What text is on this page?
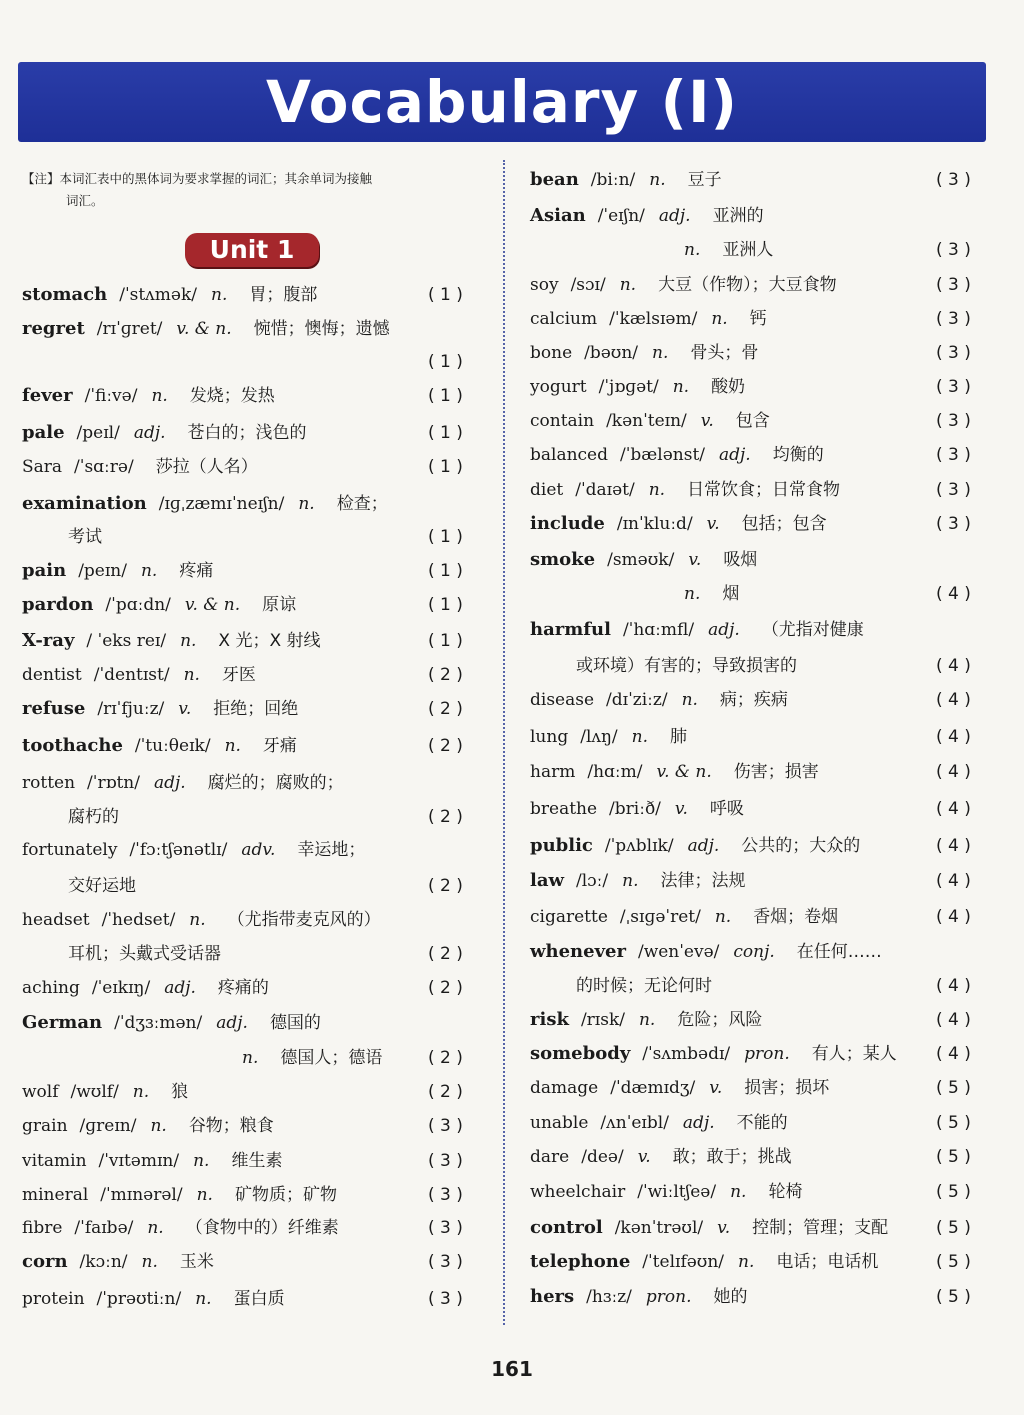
Vocabulary (Ⅰ)
【注】本词汇表中的黑体词为要求掌握的词汇；其余单词为接触
词汇。
Unit 1
stomach /ˈstʌmək/ n. 胃；腹部	( 1 )
regret /rɪˈɡret/ v. & n. 惋惜；懊悔；遗憾
( 1 )
fever /ˈfiːvə/ n. 发烧；发热	( 1 )
pale /peɪl/ adj. 苍白的；浅色的	( 1 )
Sara /ˈsɑːrə/ 莎拉（人名）	( 1 )
examination /ɪɡˌzæmɪˈneɪʃn/ n. 检查；
考试	( 1 )
pain /peɪn/ n. 疼痛	( 1 )
pardon /ˈpɑːdn/ v. & n. 原谅	( 1 )
X-ray / ˈeks reɪ/ n. X 光；X 射线	( 1 )
dentist /ˈdentɪst/ n. 牙医	( 2 )
refuse /rɪˈfjuːz/ v. 拒绝；回绝	( 2 )
toothache /ˈtuːθeɪk/ n. 牙痛	( 2 )
rotten /ˈrɒtn/ adj. 腐烂的；腐败的；
腐朽的	( 2 )
fortunately /ˈfɔːtʃənətlɪ/ adv. 幸运地；
交好运地	( 2 )
headset /ˈhedset/ n. （尤指带麦克风的）
耳机；头戴式受话器	( 2 )
aching /ˈeɪkɪŋ/ adj. 疼痛的	( 2 )
German /ˈdʒɜːmən/ adj. 德国的
n. 德国人；德语	( 2 )
wolf /wʊlf/ n. 狼	( 2 )
grain /ɡreɪn/ n. 谷物；粮食	( 3 )
vitamin /ˈvɪtəmɪn/ n. 维生素	( 3 )
mineral /ˈmɪnərəl/ n. 矿物质；矿物	( 3 )
fibre /ˈfaɪbə/ n. （食物中的）纤维素	( 3 )
corn /kɔːn/ n. 玉米	( 3 )
protein /ˈprəʊtiːn/ n. 蛋白质	( 3 )
bean /biːn/ n. 豆子	( 3 )
Asian /ˈeɪʃn/ adj. 亚洲的
n. 亚洲人	( 3 )
soy /sɔɪ/ n. 大豆（作物）；大豆食物	( 3 )
calcium /ˈkælsɪəm/ n. 钙	( 3 )
bone /bəʊn/ n. 骨头；骨	( 3 )
yogurt /ˈjɒɡət/ n. 酸奶	( 3 )
contain /kənˈteɪn/ v. 包含	( 3 )
balanced /ˈbælənst/ adj. 均衡的	( 3 )
diet /ˈdaɪət/ n. 日常饮食；日常食物	( 3 )
include /ɪnˈkluːd/ v. 包括；包含	( 3 )
smoke /sməʊk/ v. 吸烟
n. 烟	( 4 )
harmful /ˈhɑːmfl/ adj. （尤指对健康
或环境）有害的；导致损害的	( 4 )
disease /dɪˈziːz/ n. 病；疾病	( 4 )
lung /lʌŋ/ n. 肺	( 4 )
harm /hɑːm/ v. & n. 伤害；损害	( 4 )
breathe /briːð/ v. 呼吸	( 4 )
public /ˈpʌblɪk/ adj. 公共的；大众的	( 4 )
law /lɔː/ n. 法律；法规	( 4 )
cigarette /ˌsɪɡəˈret/ n. 香烟；卷烟	( 4 )
whenever /wenˈevə/ conj. 在任何……
的时候；无论何时	( 4 )
risk /rɪsk/ n. 危险；风险	( 4 )
somebody /ˈsʌmbədɪ/ pron. 有人；某人 ( 4 )
damage /ˈdæmɪdʒ/ v. 损害；损坏	( 5 )
unable /ʌnˈeɪbl/ adj. 不能的	( 5 )
dare /deə/ v. 敢；敢于；挑战	( 5 )
wheelchair /ˈwiːltʃeə/ n. 轮椅	( 5 )
control /kənˈtrəʊl/ v. 控制；管理；支配	( 5 )
telephone /ˈtelɪfəʊn/ n. 电话；电话机	( 5 )
hers /hɜːz/ pron. 她的	( 5 )
161
